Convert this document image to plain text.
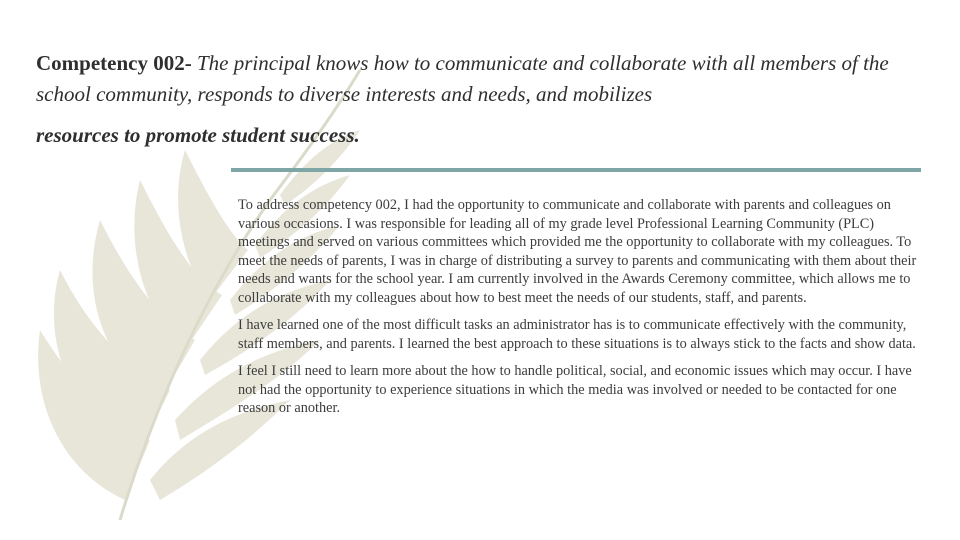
Competency 002- The principal knows how to communicate and collaborate with all members of the school community, responds to diverse interests and needs, and mobilizes
resources to promote student success.

To address competency 002, I had the opportunity to communicate and collaborate with parents and colleagues on various occasions. I was responsible for leading all of my grade level Professional Learning Community (PLC) meetings and served on various committees which provided me the opportunity to collaborate with my colleagues. To meet the needs of parents, I was in charge of distributing a survey to parents and communicating with them about their needs and wants for the school year. I am currently involved in the Awards Ceremony committee, which allows me to collaborate with my colleagues about how to best meet the needs of our students, staff, and parents.

I have learned one of the most difficult tasks an administrator has is to communicate effectively with the community, staff members, and parents. I learned the best approach to these situations is to always stick to the facts and show data.

I feel I still need to learn more about the how to handle political, social, and economic issues which may occur. I have not had the opportunity to experience situations in which the media was involved or needed to be contacted for one reason or another.
